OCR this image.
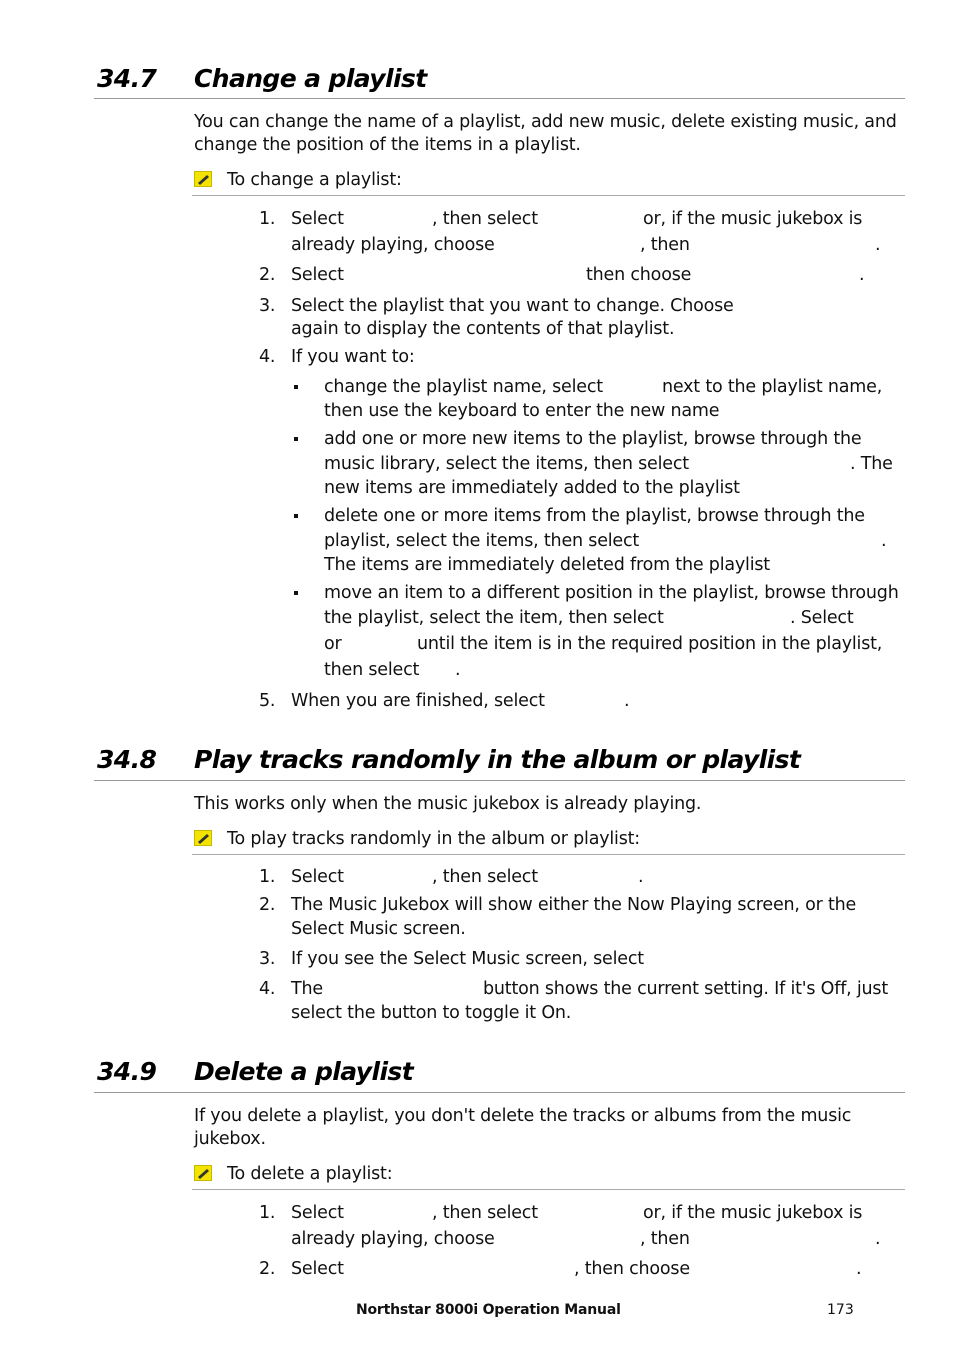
34.7 Change a playlist
You can change the name of a playlist, add new music, delete existing music, and
change the position of the items in a playlist.
To change a playlist:
1. Select	, then select	or, if the music jukebox is
already playing, choose	, then	.
2. Select	then choose	.
3. Select the playlist that you want to change. Choose
again to display the contents of that playlist.
4. If you want to:
change the playlist name, select	next to the playlist name,
then use the keyboard to enter the new name
add one or more new items to the playlist, browse through the
music library, select the items, then select	. The
new items are immediately added to the playlist
delete one or more items from the playlist, browse through the
playlist, select the items, then select	.
The items are immediately deleted from the playlist
move an item to a different position in the playlist, browse through
the playlist, select the item, then select	. Select
or	until the item is in the required position in the playlist,
then select .
5. When you are finished, select	.
34.8 Play tracks randomly in the album or playlist
This works only when the music jukebox is already playing.
To play tracks randomly in the album or playlist:
1. Select	, then select	.
2. The Music Jukebox will show either the Now Playing screen, or the
Select Music screen.
3. If you see the Select Music screen, select
4. The	button shows the current setting. If it's Off, just
select the button to toggle it On.
34.9 Delete a playlist
If you delete a playlist, you don't delete the tracks or albums from the music
jukebox.
To delete a playlist:
1. Select	, then select	or, if the music jukebox is
already playing, choose	, then	.
2. Select	, then choose	.
Northstar 8000i Operation Manual	173
